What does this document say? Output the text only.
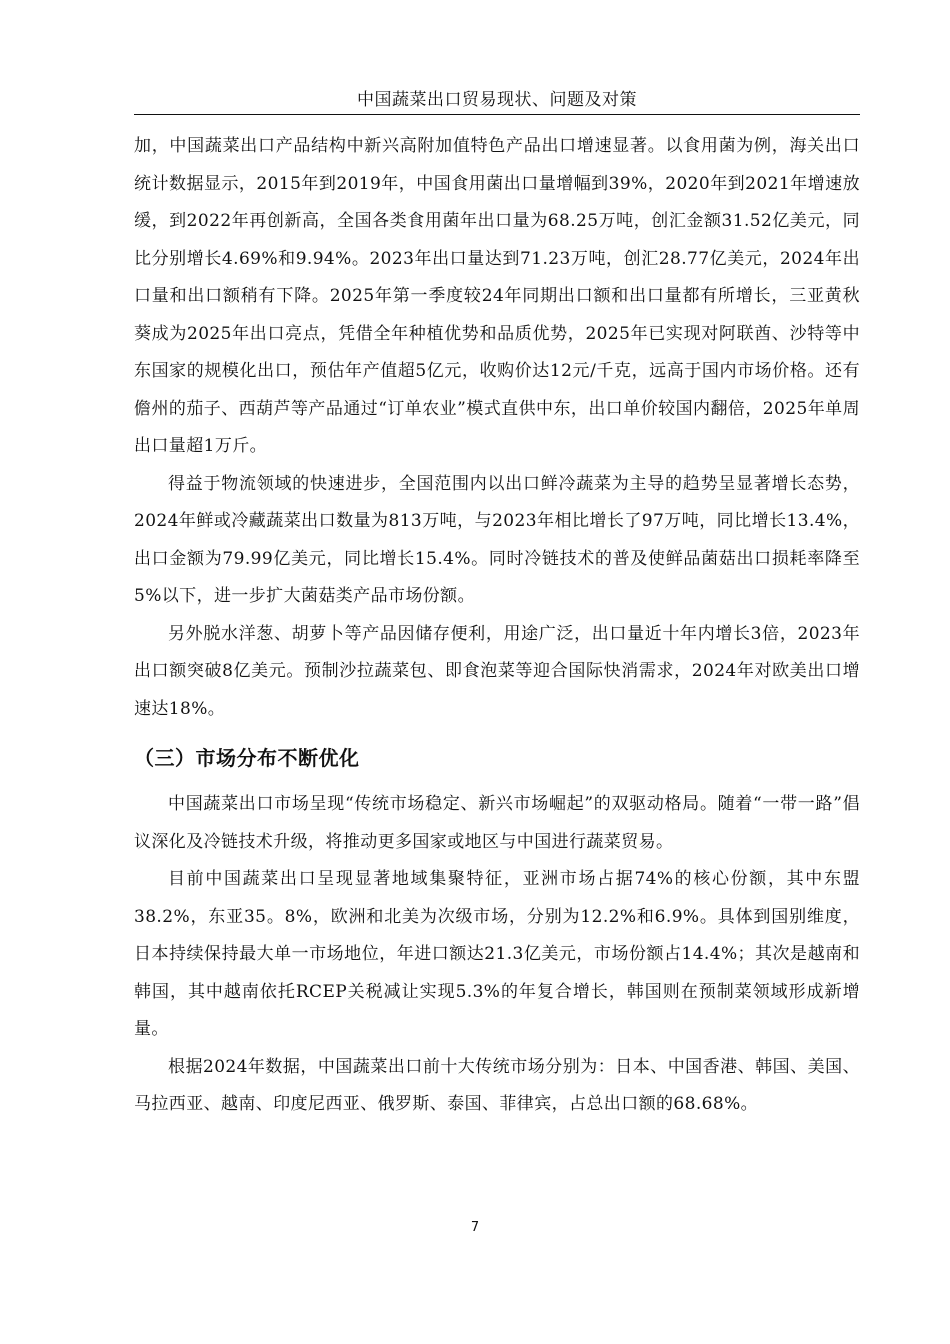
中国蔬菜出口贸易现状、问题及对策

加，中国蔬菜出口产品结构中新兴高附加值特色产品出口增速显著。以食用菌为例，海关出口统计数据显示，2015年到2019年，中国食用菌出口量增幅到39%，2020年到2021年增速放缓，到2022年再创新高，全国各类食用菌年出口量为68.25万吨，创汇金额31.52亿美元，同比分别增长4.69%和9.94%。2023年出口量达到71.23万吨，创汇28.77亿美元，2024年出口量和出口额稍有下降。2025年第一季度较24年同期出口额和出口量都有所增长，三亚黄秋葵成为2025年出口亮点，凭借全年种植优势和品质优势，2025年已实现对阿联酋、沙特等中东国家的规模化出口，预估年产值超5亿元，收购价达12元/千克，远高于国内市场价格。还有儋州的茄子、西葫芦等产品通过“订单农业”模式直供中东，出口单价较国内翻倍，2025年单周出口量超1万斤。

得益于物流领域的快速进步，全国范围内以出口鲜冷蔬菜为主导的趋势呈显著增长态势，2024年鲜或冷藏蔬菜出口数量为813万吨，与2023年相比增长了97万吨，同比增长13.4%，出口金额为79.99亿美元，同比增长15.4%。同时冷链技术的普及使鲜品菌菇出口损耗率降至5%以下，进一步扩大菌菇类产品市场份额。

另外脱水洋葱、胡萝卜等产品因储存便利，用途广泛，出口量近十年内增长3倍，2023年出口额突破8亿美元。预制沙拉蔬菜包、即食泡菜等迎合国际快消需求，2024年对欧美出口增速达18%。

（三）市场分布不断优化

中国蔬菜出口市场呈现“传统市场稳定、新兴市场崛起”的双驱动格局。随着“一带一路”倡议深化及冷链技术升级，将推动更多国家或地区与中国进行蔬菜贸易。

目前中国蔬菜出口呈现显著地域集聚特征，亚洲市场占据74%的核心份额，其中东盟38.2%，东亚35。8%，欧洲和北美为次级市场，分别为12.2%和6.9%。具体到国别维度，日本持续保持最大单一市场地位，年进口额达21.3亿美元，市场份额占14.4%；其次是越南和韩国，其中越南依托RCEP关税减让实现5.3%的年复合增长，韩国则在预制菜领域形成新增量。

根据2024年数据，中国蔬菜出口前十大传统市场分别为：日本、中国香港、韩国、美国、马拉西亚、越南、印度尼西亚、俄罗斯、泰国、菲律宾，占总出口额的68.68%。

7
